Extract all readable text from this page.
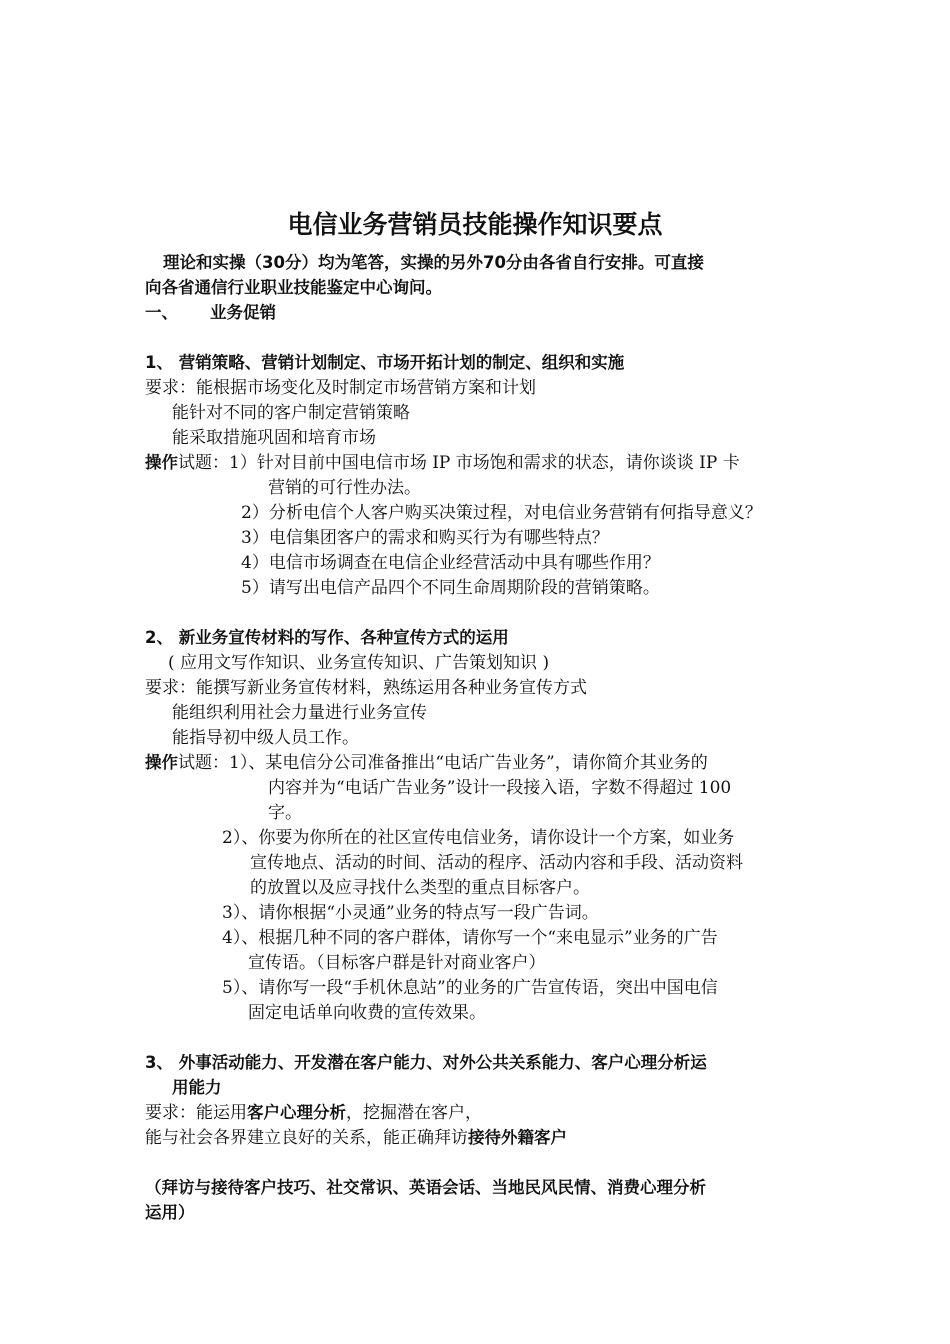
电信业务营销员技能操作知识要点
理论和实操（30分）均为笔答，实操的另外70分由各省自行安排。可直接
向各省通信行业职业技能鉴定中心询问。
一、 业务促销
1、 营销策略、营销计划制定、市场开拓计划的制定、组织和实施
要求：能根据市场变化及时制定市场营销方案和计划
能针对不同的客户制定营销策略
能采取措施巩固和培育市场
操作试题：1）针对目前中国电信市场 IP 市场饱和需求的状态，请你谈谈 IP 卡
营销的可行性办法。
2）分析电信个人客户购买决策过程，对电信业务营销有何指导意义？
3）电信集团客户的需求和购买行为有哪些特点？
4）电信市场调查在电信企业经营活动中具有哪些作用？
5）请写出电信产品四个不同生命周期阶段的营销策略。
2、 新业务宣传材料的写作、各种宣传方式的运用
( 应用文写作知识、业务宣传知识、广告策划知识 )
要求：能撰写新业务宣传材料，熟练运用各种业务宣传方式
能组织利用社会力量进行业务宣传
能指导初中级人员工作。
操作试题：1）、某电信分公司准备推出“电话广告业务”，请你简介其业务的
内容并为“电话广告业务”设计一段接入语，字数不得超过 100
字。
2）、你要为你所在的社区宣传电信业务，请你设计一个方案，如业务
宣传地点、活动的时间、活动的程序、活动内容和手段、活动资料
的放置以及应寻找什么类型的重点目标客户。
3）、请你根据“小灵通”业务的特点写一段广告词。
4）、根据几种不同的客户群体，请你写一个“来电显示”业务的广告
宣传语。（目标客户群是针对商业客户）
5）、请你写一段“手机休息站”的业务的广告宣传语，突出中国电信
固定电话单向收费的宣传效果。
3、 外事活动能力、开发潜在客户能力、对外公共关系能力、客户心理分析运
用能力
要求：能运用客户心理分析，挖掘潜在客户，
能与社会各界建立良好的关系，能正确拜访接待外籍客户
（拜访与接待客户技巧、社交常识、英语会话、当地民风民情、消费心理分析
运用）
